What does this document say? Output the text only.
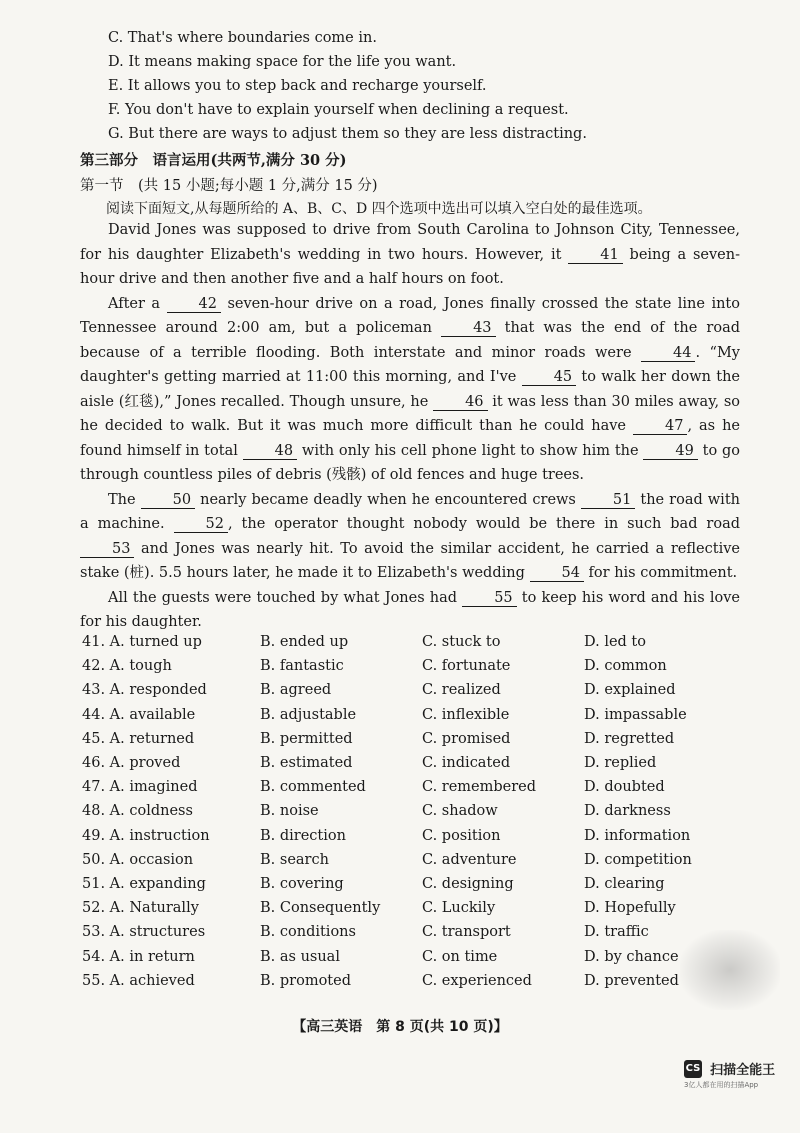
C. That's where boundaries come in.
D. It means making space for the life you want.
E. It allows you to step back and recharge yourself.
F. You don't have to explain yourself when declining a request.
G. But there are ways to adjust them so they are less distracting.
第三部分　语言运用(共两节,满分 30 分)
第一节　(共 15 小题;每小题 1 分,满分 15 分)
阅读下面短文,从每题所给的 A、B、C、D 四个选项中选出可以填入空白处的最佳选项。

David Jones was supposed to drive from South Carolina to Johnson City, Tennessee, for his daughter Elizabeth's wedding in two hours. However, it 41 being a seven-hour drive and then another five and a half hours on foot.

After a 42 seven-hour drive on a road, Jones finally crossed the state line into Tennessee around 2:00 am, but a policeman 43 that was the end of the road because of a terrible flooding. Both interstate and minor roads were 44 . “My daughter's getting married at 11:00 this morning, and I've 45 to walk her down the aisle (红毯),” Jones recalled. Though unsure, he 46 it was less than 30 miles away, so he decided to walk. But it was much more difficult than he could have 47 , as he found himself in total 48 with only his cell phone light to show him the 49 to go through countless piles of debris (残骸) of old fences and huge trees.

The 50 nearly became deadly when he encountered crews 51 the road with a machine. 52 , the operator thought nobody would be there in such bad road 53 and Jones was nearly hit. To avoid the similar accident, he carried a reflective stake (桩). 5.5 hours later, he made it to Elizabeth's wedding 54 for his commitment.

All the guests were touched by what Jones had 55 to keep his word and his love for his daughter.

41. A. turned up	B. ended up	C. stuck to	D. led to
42. A. tough	B. fantastic	C. fortunate	D. common
43. A. responded	B. agreed	C. realized	D. explained
44. A. available	B. adjustable	C. inflexible	D. impassable
45. A. returned	B. permitted	C. promised	D. regretted
46. A. proved	B. estimated	C. indicated	D. replied
47. A. imagined	B. commented	C. remembered	D. doubted
48. A. coldness	B. noise	C. shadow	D. darkness
49. A. instruction	B. direction	C. position	D. information
50. A. occasion	B. search	C. adventure	D. competition
51. A. expanding	B. covering	C. designing	D. clearing
52. A. Naturally	B. Consequently	C. Luckily	D. Hopefully
53. A. structures	B. conditions	C. transport	D. traffic
54. A. in return	B. as usual	C. on time	D. by chance
55. A. achieved	B. promoted	C. experienced	D. prevented
【高三英语　第 8 页(共 10 页)】
CS 扫描全能王
3亿人都在用的扫描App
